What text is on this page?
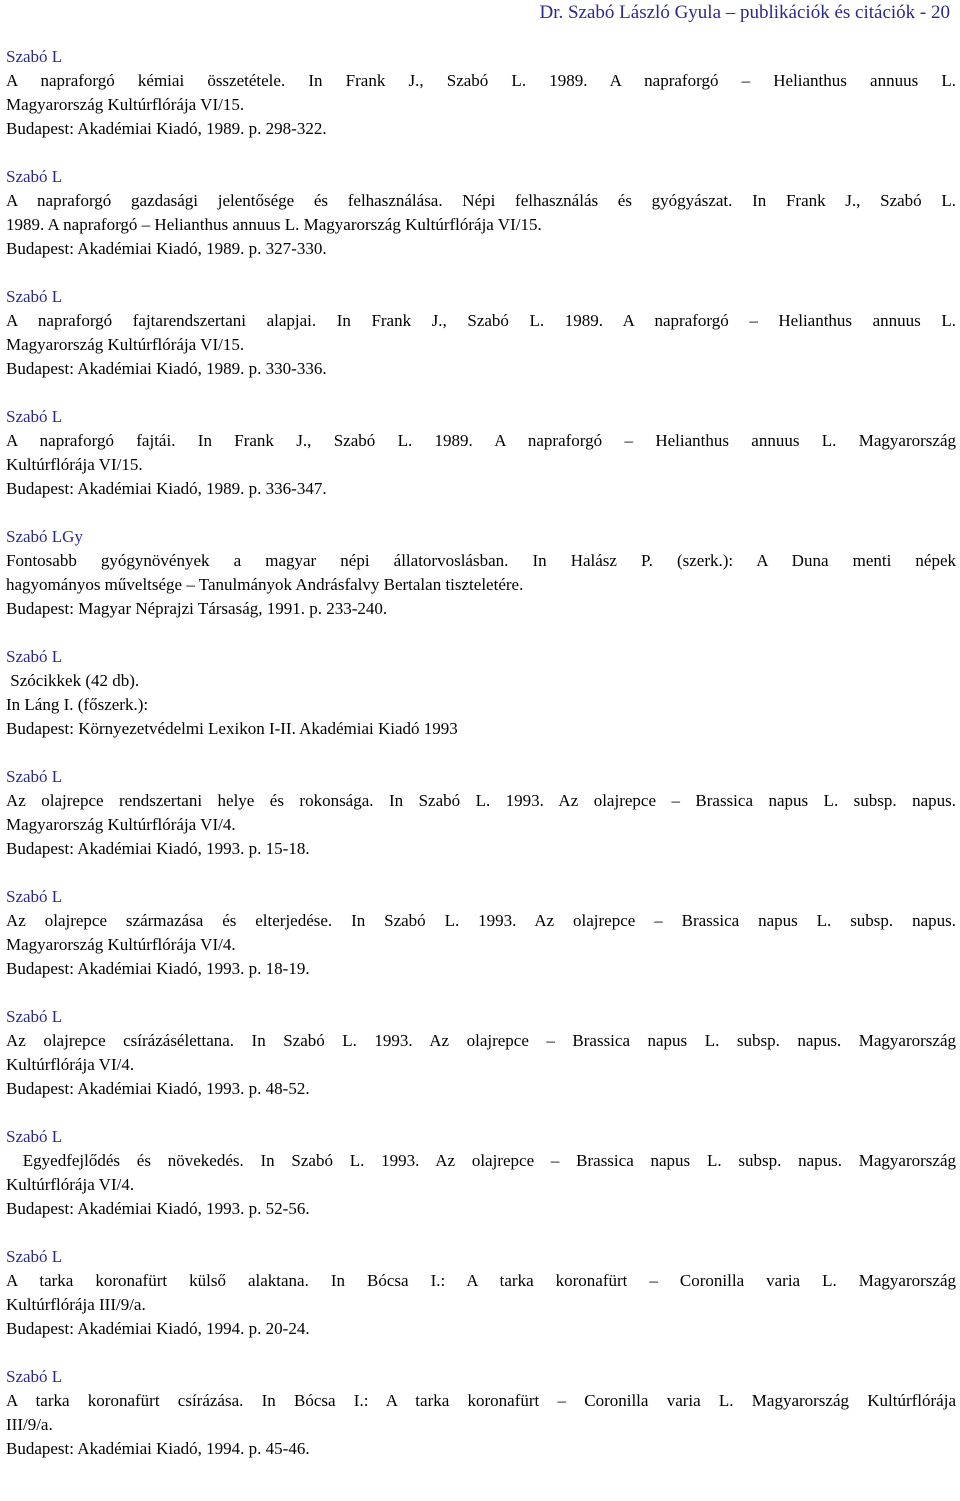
Dr. Szabó László Gyula – publikációk és citációk - 20
Szabó L
A napraforgó kémiai összetétele. In Frank J., Szabó L. 1989. A napraforgó – Helianthus annuus L.
Magyarország Kultúrflórája VI/15.
Budapest: Akadémiai Kiadó, 1989. p. 298-322.
Szabó L
A napraforgó gazdasági jelentősége és felhasználása. Népi felhasználás és gyógyászat. In Frank J., Szabó L.
1989. A napraforgó – Helianthus annuus L. Magyarország Kultúrflórája VI/15.
Budapest: Akadémiai Kiadó, 1989. p. 327-330.
Szabó L
A napraforgó fajtarendszertani alapjai. In Frank J., Szabó L. 1989. A napraforgó – Helianthus annuus L.
Magyarország Kultúrflórája VI/15.
Budapest: Akadémiai Kiadó, 1989. p. 330-336.
Szabó L
A napraforgó fajtái. In Frank J., Szabó L. 1989. A napraforgó – Helianthus annuus L. Magyarország
Kultúrflórája VI/15.
Budapest: Akadémiai Kiadó, 1989. p. 336-347.
Szabó LGy
Fontosabb gyógynövények a magyar népi állatorvoslásban. In Halász P. (szerk.): A Duna menti népek
hagyományos műveltsége – Tanulmányok Andrásfalvy Bertalan tiszteletére.
Budapest: Magyar Néprajzi Társaság, 1991. p. 233-240.
Szabó L
Szócikkek (42 db).
In Láng I. (főszerk.):
Budapest: Környezetvédelmi Lexikon I-II. Akadémiai Kiadó 1993
Szabó L
Az olajrepce rendszertani helye és rokonsága. In Szabó L. 1993. Az olajrepce – Brassica napus L. subsp. napus.
Magyarország Kultúrflórája VI/4.
Budapest: Akadémiai Kiadó, 1993. p. 15-18.
Szabó L
Az olajrepce származása és elterjedése. In Szabó L. 1993. Az olajrepce – Brassica napus L. subsp. napus.
Magyarország Kultúrflórája VI/4.
Budapest: Akadémiai Kiadó, 1993. p. 18-19.
Szabó L
Az olajrepce csírázásélettana. In Szabó L. 1993. Az olajrepce – Brassica napus L. subsp. napus. Magyarország
Kultúrflórája VI/4.
Budapest: Akadémiai Kiadó, 1993. p. 48-52.
Szabó L
Egyedfejlődés és növekedés. In Szabó L. 1993. Az olajrepce – Brassica napus L. subsp. napus. Magyarország
Kultúrflórája VI/4.
Budapest: Akadémiai Kiadó, 1993. p. 52-56.
Szabó L
A tarka koronafürt külső alaktana. In Bócsa I.: A tarka koronafürt – Coronilla varia L. Magyarország
Kultúrflórája III/9/a.
Budapest: Akadémiai Kiadó, 1994. p. 20-24.
Szabó L
A tarka koronafürt csírázása. In Bócsa I.: A tarka koronafürt – Coronilla varia L. Magyarország Kultúrflórája
III/9/a.
Budapest: Akadémiai Kiadó, 1994. p. 45-46.
